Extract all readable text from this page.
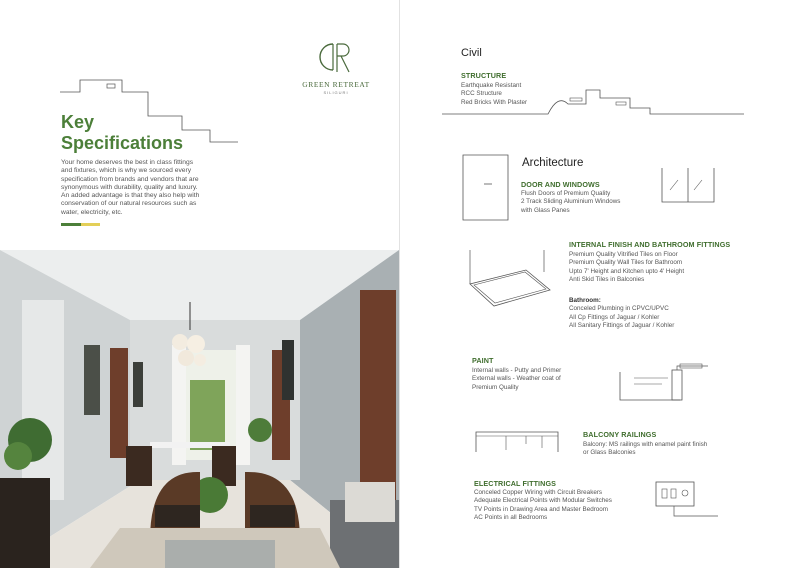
GREEN RETREAT
SILIGURI
Key
Specifications
Your home deserves the best in class fittings
and fixtures, which is why we sourced every
specification from brands and vendors that are
synonymous with durability, quality and luxury.
An added advantage is that they also help with
conservation of our natural resources such as
water, electricity, etc.
Civil
STRUCTURE
Earthquake Resistant
RCC Structure
Red Bricks With Plaster
Architecture
DOOR AND WINDOWS
Flush Doors of Premium Quality
2 Track Sliding Aluminium Windows
with Glass Panes
INTERNAL FINISH AND BATHROOM FITTINGS
Premium Quality Vitrified Tiles on Floor
Premium Quality Wall Tiles for Bathroom
Upto 7' Height and Kitchen upto 4' Height
Anti Skid Tiles in Balconies
Bathroom:
Conceled Plumbing in CPVC/UPVC
All Cp Fittings of Jaguar / Kohler
All Sanitary Fittings of Jaguar / Kohler
PAINT
Internal walls - Putty and Primer
External walls - Weather coat of
Premium Quality
BALCONY RAILINGS
Balcony: MS railings with enamel paint finish
or Glass Balconies
ELECTRICAL FITTINGS
Conceled Copper Wiring with Circuit Breakers
Adequate Electrical Points with Modular Switches
TV Points in Drawing Area and Master Bedroom
AC Points in all Bedrooms
